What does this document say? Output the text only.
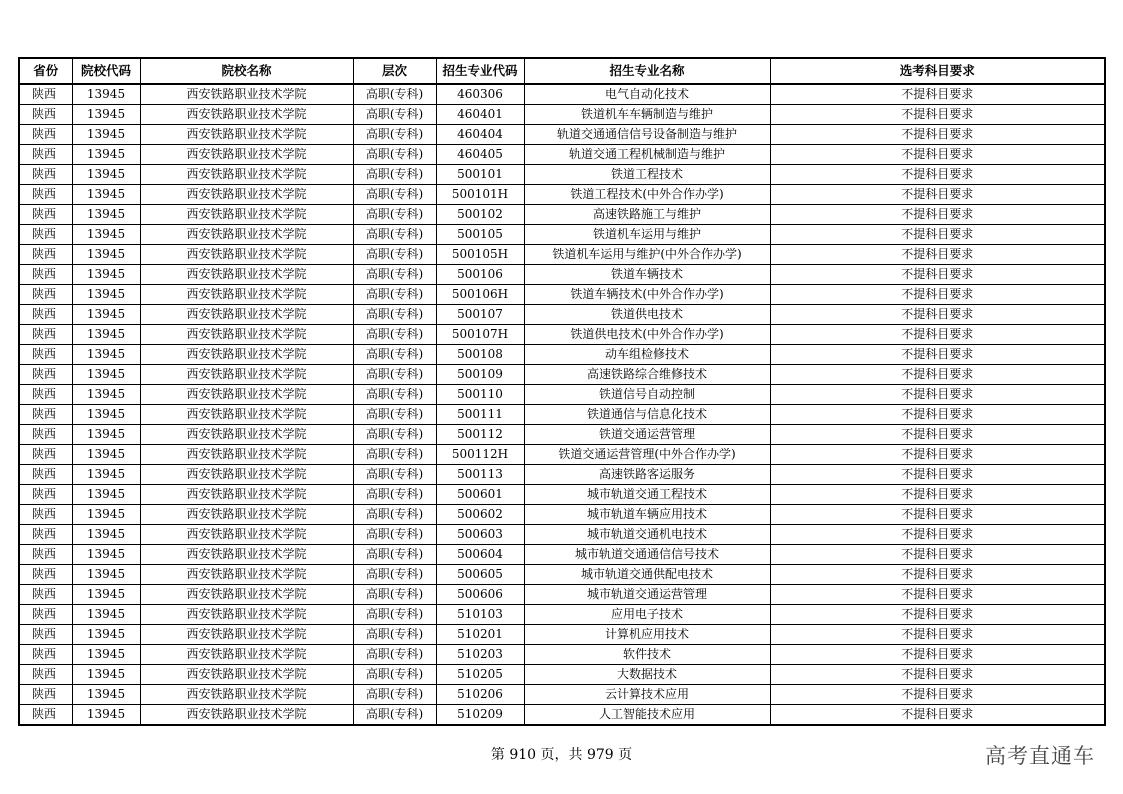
省份	院校代码	院校名称	层次	招生专业代码	招生专业名称	选考科目要求
陕西	13945	西安铁路职业技术学院	高职(专科)	460306	电气自动化技术	不提科目要求
陕西	13945	西安铁路职业技术学院	高职(专科)	460401	铁道机车车辆制造与维护	不提科目要求
陕西	13945	西安铁路职业技术学院	高职(专科)	460404	轨道交通通信信号设备制造与维护	不提科目要求
陕西	13945	西安铁路职业技术学院	高职(专科)	460405	轨道交通工程机械制造与维护	不提科目要求
陕西	13945	西安铁路职业技术学院	高职(专科)	500101	铁道工程技术	不提科目要求
陕西	13945	西安铁路职业技术学院	高职(专科)	500101H	铁道工程技术(中外合作办学)	不提科目要求
陕西	13945	西安铁路职业技术学院	高职(专科)	500102	高速铁路施工与维护	不提科目要求
陕西	13945	西安铁路职业技术学院	高职(专科)	500105	铁道机车运用与维护	不提科目要求
陕西	13945	西安铁路职业技术学院	高职(专科)	500105H	铁道机车运用与维护(中外合作办学)	不提科目要求
陕西	13945	西安铁路职业技术学院	高职(专科)	500106	铁道车辆技术	不提科目要求
陕西	13945	西安铁路职业技术学院	高职(专科)	500106H	铁道车辆技术(中外合作办学)	不提科目要求
陕西	13945	西安铁路职业技术学院	高职(专科)	500107	铁道供电技术	不提科目要求
陕西	13945	西安铁路职业技术学院	高职(专科)	500107H	铁道供电技术(中外合作办学)	不提科目要求
陕西	13945	西安铁路职业技术学院	高职(专科)	500108	动车组检修技术	不提科目要求
陕西	13945	西安铁路职业技术学院	高职(专科)	500109	高速铁路综合维修技术	不提科目要求
陕西	13945	西安铁路职业技术学院	高职(专科)	500110	铁道信号自动控制	不提科目要求
陕西	13945	西安铁路职业技术学院	高职(专科)	500111	铁道通信与信息化技术	不提科目要求
陕西	13945	西安铁路职业技术学院	高职(专科)	500112	铁道交通运营管理	不提科目要求
陕西	13945	西安铁路职业技术学院	高职(专科)	500112H	铁道交通运营管理(中外合作办学)	不提科目要求
陕西	13945	西安铁路职业技术学院	高职(专科)	500113	高速铁路客运服务	不提科目要求
陕西	13945	西安铁路职业技术学院	高职(专科)	500601	城市轨道交通工程技术	不提科目要求
陕西	13945	西安铁路职业技术学院	高职(专科)	500602	城市轨道车辆应用技术	不提科目要求
陕西	13945	西安铁路职业技术学院	高职(专科)	500603	城市轨道交通机电技术	不提科目要求
陕西	13945	西安铁路职业技术学院	高职(专科)	500604	城市轨道交通通信信号技术	不提科目要求
陕西	13945	西安铁路职业技术学院	高职(专科)	500605	城市轨道交通供配电技术	不提科目要求
陕西	13945	西安铁路职业技术学院	高职(专科)	500606	城市轨道交通运营管理	不提科目要求
陕西	13945	西安铁路职业技术学院	高职(专科)	510103	应用电子技术	不提科目要求
陕西	13945	西安铁路职业技术学院	高职(专科)	510201	计算机应用技术	不提科目要求
陕西	13945	西安铁路职业技术学院	高职(专科)	510203	软件技术	不提科目要求
陕西	13945	西安铁路职业技术学院	高职(专科)	510205	大数据技术	不提科目要求
陕西	13945	西安铁路职业技术学院	高职(专科)	510206	云计算技术应用	不提科目要求
陕西	13945	西安铁路职业技术学院	高职(专科)	510209	人工智能技术应用	不提科目要求
第 910 页，共 979 页	高考直通车
